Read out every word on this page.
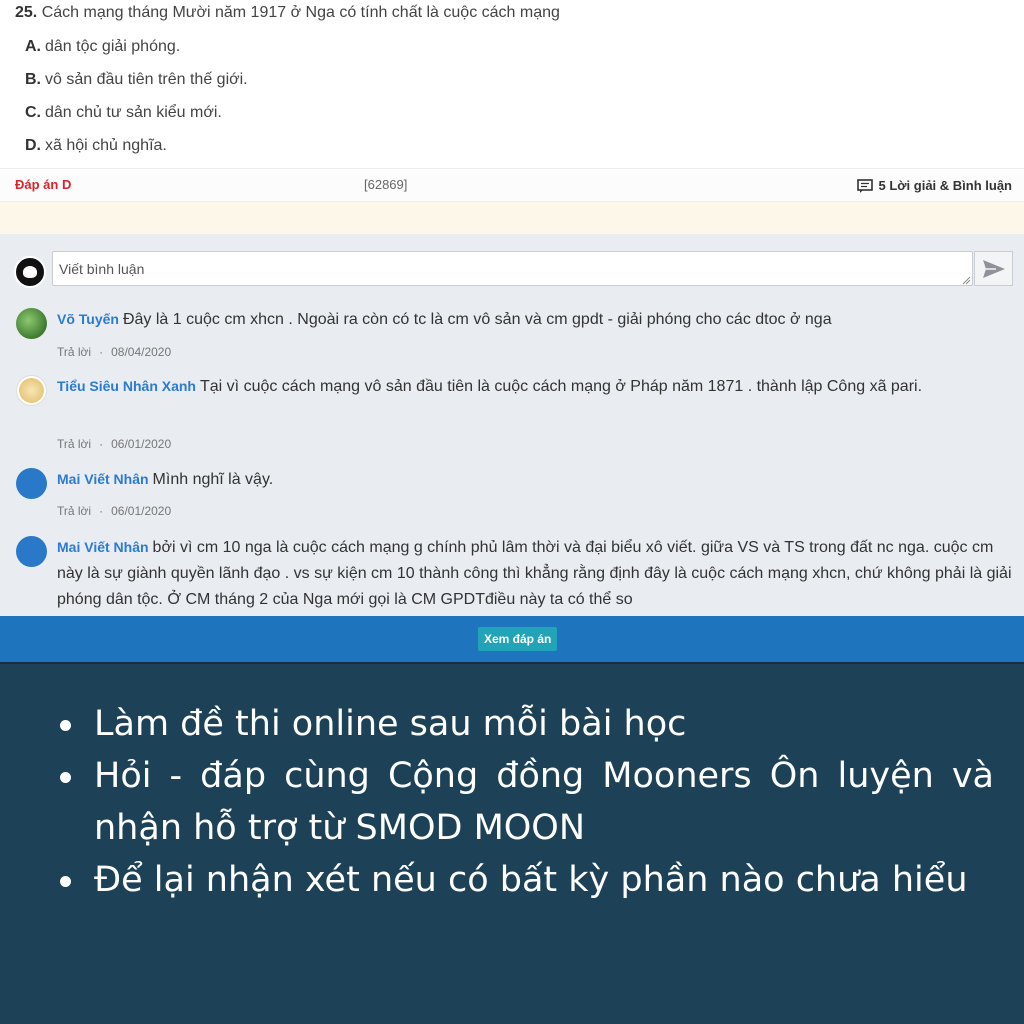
25. Cách mạng tháng Mười năm 1917 ở Nga có tính chất là cuộc cách mạng
A. dân tộc giải phóng.
B. vô sản đầu tiên trên thế giới.
C. dân chủ tư sản kiểu mới.
D. xã hội chủ nghĩa.
Đáp án D	[62869]	5 Lời giải & Bình luận
Viết bình luận
Võ Tuyến Đây là 1 cuộc cm xhcn . Ngoài ra còn có tc là cm vô sản và cm gpdt - giải phóng cho các dtoc ở nga
Trả lời · 08/04/2020
Tiểu Siêu Nhân Xanh Tại vì cuộc cách mạng vô sản đầu tiên là cuộc cách mạng ở Pháp năm 1871 . thành lập Công xã pari.
Trả lời · 06/01/2020
Mai Viết Nhân Mình nghĩ là vậy.
Trả lời · 06/01/2020
Mai Viết Nhân bởi vì cm 10 nga là cuộc cách mạng g chính phủ lâm thời và đại biểu xô viết. giữa VS và TS trong đất nc nga. cuộc cm này là sự giành quyền lãnh đạo . vs sự kiện cm 10 thành công thì khẳng rằng định đây là cuộc cách mạng xhcn, chứ không phải là giải phóng dân tộc. Ở CM tháng 2 của Nga mới gọi là CM GPDTđiều này ta có thể so
Xem đáp án
Làm đề thi online sau mỗi bài học
Hỏi - đáp cùng Cộng đồng Mooners Ôn luyện và nhận hỗ trợ từ SMOD MOON
Để lại nhận xét nếu có bất kỳ phần nào chưa hiểu
